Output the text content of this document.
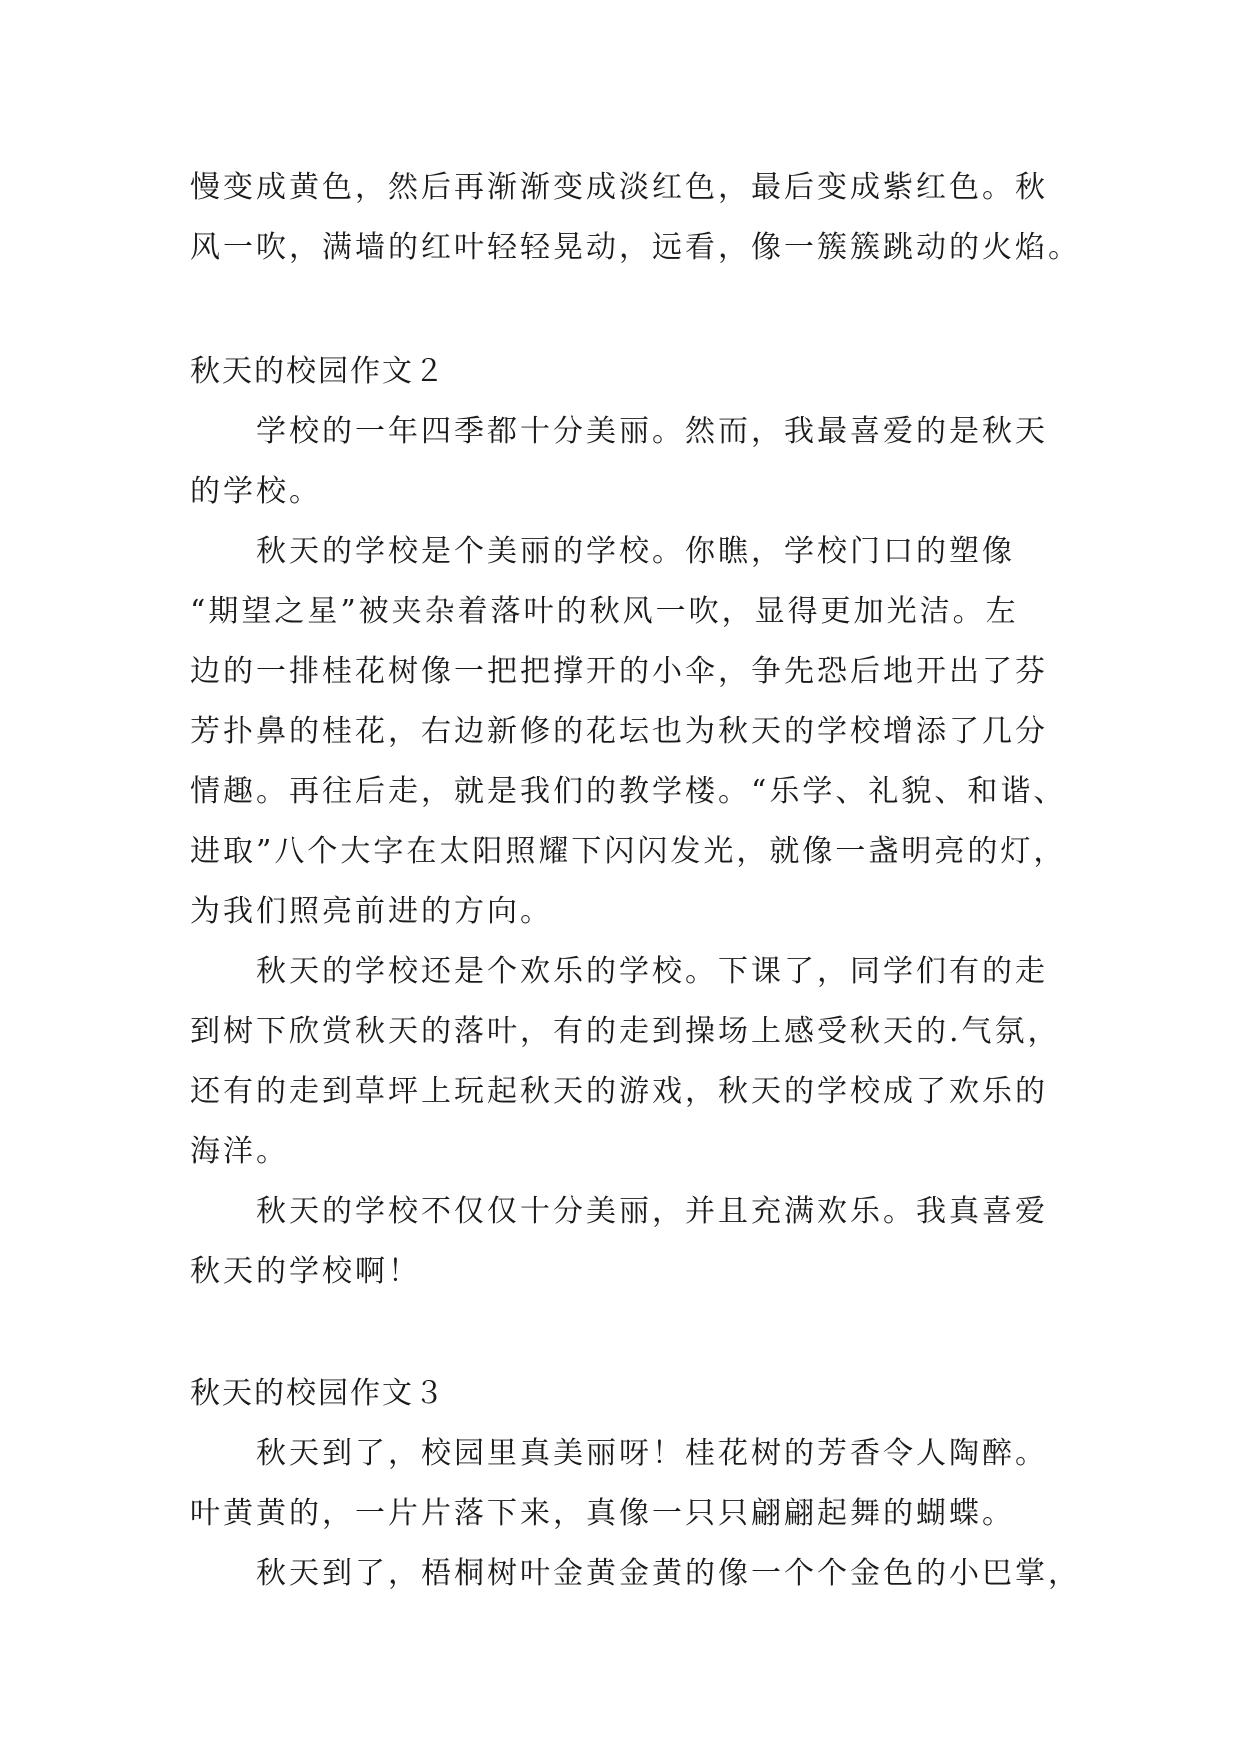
慢变成黄色，然后再渐渐变成淡红色，最后变成紫红色。秋
风一吹，满墙的红叶轻轻晃动，远看，像一簇簇跳动的火焰。
秋天的校园作文２
学校的一年四季都十分美丽。然而，我最喜爱的是秋天
的学校。
秋天的学校是个美丽的学校。你瞧，学校门口的塑像
“期望之星”被夹杂着落叶的秋风一吹，显得更加光洁。左
边的一排桂花树像一把把撑开的小伞，争先恐后地开出了芬
芳扑鼻的桂花，右边新修的花坛也为秋天的学校增添了几分
情趣。再往后走，就是我们的教学楼。“乐学、礼貌、和谐、
进取”八个大字在太阳照耀下闪闪发光，就像一盏明亮的灯，
为我们照亮前进的方向。
秋天的学校还是个欢乐的学校。下课了，同学们有的走
到树下欣赏秋天的落叶，有的走到操场上感受秋天的.气氛，
还有的走到草坪上玩起秋天的游戏，秋天的学校成了欢乐的
海洋。
秋天的学校不仅仅十分美丽，并且充满欢乐。我真喜爱
秋天的学校啊！
秋天的校园作文３
秋天到了，校园里真美丽呀！桂花树的芳香令人陶醉。
叶黄黄的，一片片落下来，真像一只只翩翩起舞的蝴蝶。
秋天到了，梧桐树叶金黄金黄的像一个个金色的小巴掌，
